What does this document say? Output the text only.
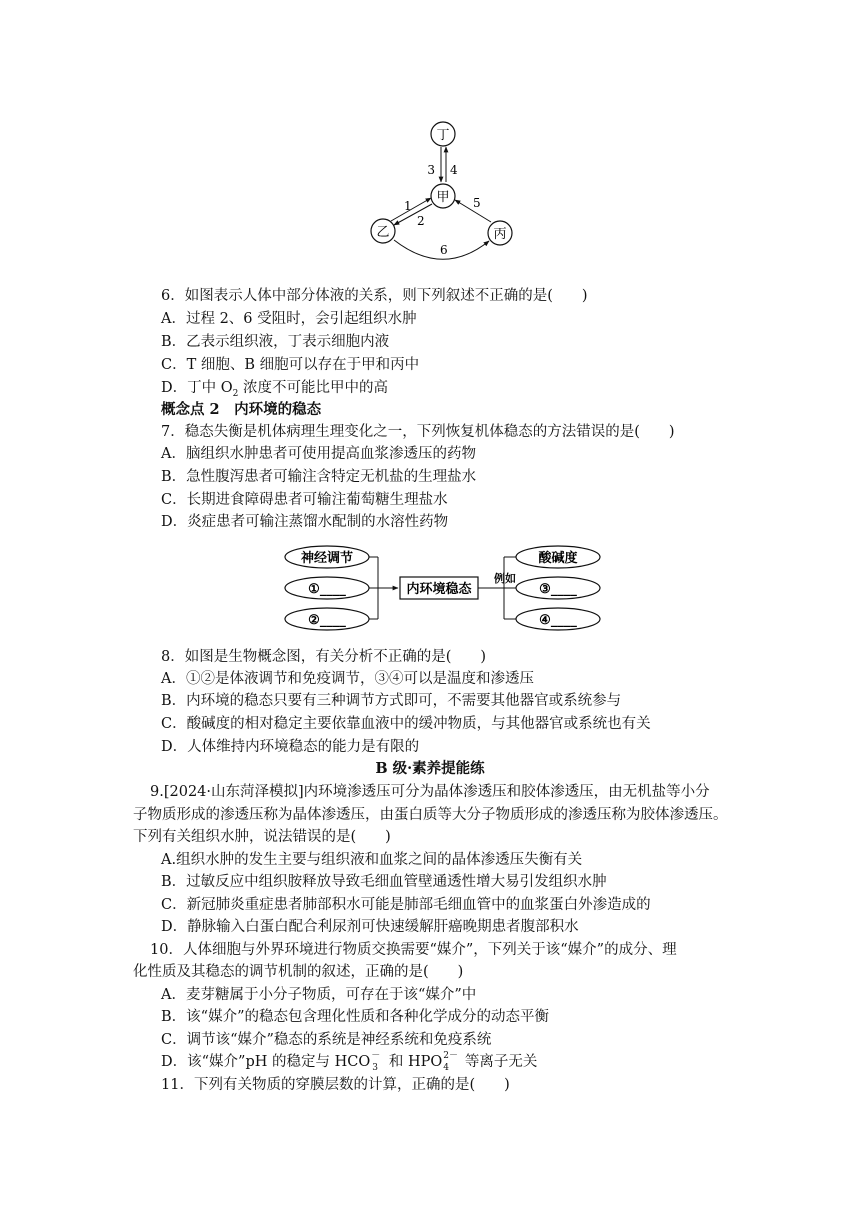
丁
甲
乙	丙
3 4
1
2
5
6
6．如图表示人体中部分体液的关系，则下列叙述不正确的是(　　)
A．过程 2、6 受阻时，会引起组织水肿
B．乙表示组织液，丁表示细胞内液
C．T 细胞、B 细胞可以存在于甲和丙中
D．丁中 $O_2$ 浓度不可能比甲中的高
概念点 2　内环境的稳态
7．稳态失衡是机体病理生理变化之一，下列恢复机体稳态的方法错误的是(　　)
A．脑组织水肿患者可使用提高血浆渗透压的药物
B．急性腹泻患者可输注含特定无机盐的生理盐水
C．长期进食障碍患者可输注葡萄糖生理盐水
D．炎症患者可输注蒸馏水配制的水溶性药物
神经调节
①____
②____
内环境稳态
例如
酸碱度
③____
④____
8．如图是生物概念图，有关分析不正确的是(　　)
A．①②是体液调节和免疫调节，③④可以是温度和渗透压
B．内环境的稳态只要有三种调节方式即可，不需要其他器官或系统参与
C．酸碱度的相对稳定主要依靠血液中的缓冲物质，与其他器官或系统也有关
D．人体维持内环境稳态的能力是有限的
B 级·素养提能练
9.[2024·山东菏泽模拟]内环境渗透压可分为晶体渗透压和胶体渗透压，由无机盐等小分
子物质形成的渗透压称为晶体渗透压，由蛋白质等大分子物质形成的渗透压称为胶体渗透压。
下列有关组织水肿，说法错误的是(　　)
A.组织水肿的发生主要与组织液和血浆之间的晶体渗透压失衡有关
B．过敏反应中组织胺释放导致毛细血管壁通透性增大易引发组织水肿
C．新冠肺炎重症患者肺部积水可能是肺部毛细血管中的血浆蛋白外渗造成的
D．静脉输入白蛋白配合利尿剂可快速缓解肝癌晚期患者腹部积水
10．人体细胞与外界环境进行物质交换需要“媒介”，下列关于该“媒介”的成分、理
化性质及其稳态的调节机制的叙述，正确的是(　　)
A．麦芽糖属于小分子物质，可存在于该“媒介”中
B．该“媒介”的稳态包含理化性质和各种化学成分的动态平衡
C．调节该“媒介”稳态的系统是神经系统和免疫系统
D．该“媒介”pH 的稳定与 HCO －
3 和 HPO 2－
4 等离子无关
11．下列有关物质的穿膜层数的计算，正确的是(　　)
